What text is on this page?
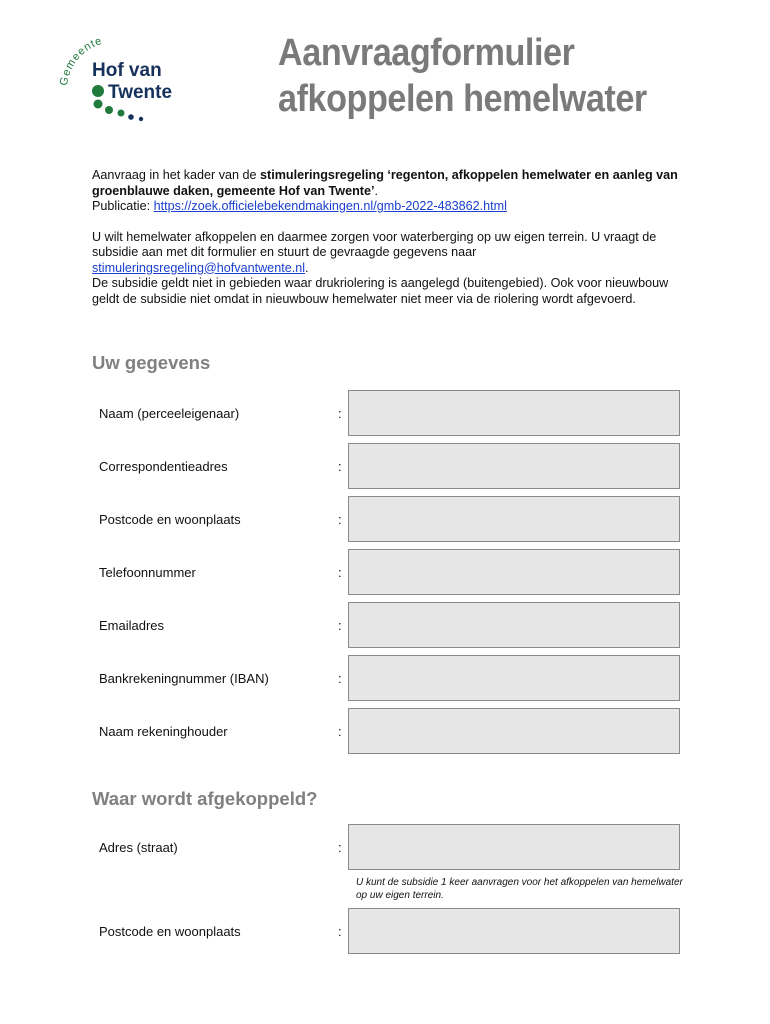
Gemeente
Hof van
Twente
Aanvraagformulier
afkoppelen hemelwater

Aanvraag in het kader van de stimuleringsregeling ‘regenton, afkoppelen hemelwater en aanleg van groenblauwe daken, gemeente Hof van Twente’.
Publicatie: https://zoek.officielebekendmakingen.nl/gmb-2022-483862.html

U wilt hemelwater afkoppelen en daarmee zorgen voor waterberging op uw eigen terrein. U vraagt de subsidie aan met dit formulier en stuurt de gevraagde gegevens naar stimuleringsregeling@hofvantwente.nl.
De subsidie geldt niet in gebieden waar drukriolering is aangelegd (buitengebied). Ook voor nieuwbouw geldt de subsidie niet omdat in nieuwbouw hemelwater niet meer via de riolering wordt afgevoerd.

Uw gegevens
Naam (perceeleigenaar)	:
Correspondentieadres	:
Postcode en woonplaats	:
Telefoonnummer	:
Emailadres	:
Bankrekeningnummer (IBAN)	:
Naam rekeninghouder	:
Waar wordt afgekoppeld?
Adres (straat)	:
U kunt de subsidie 1 keer aanvragen voor het afkoppelen van hemelwater op uw eigen terrein.
Postcode en woonplaats	:
